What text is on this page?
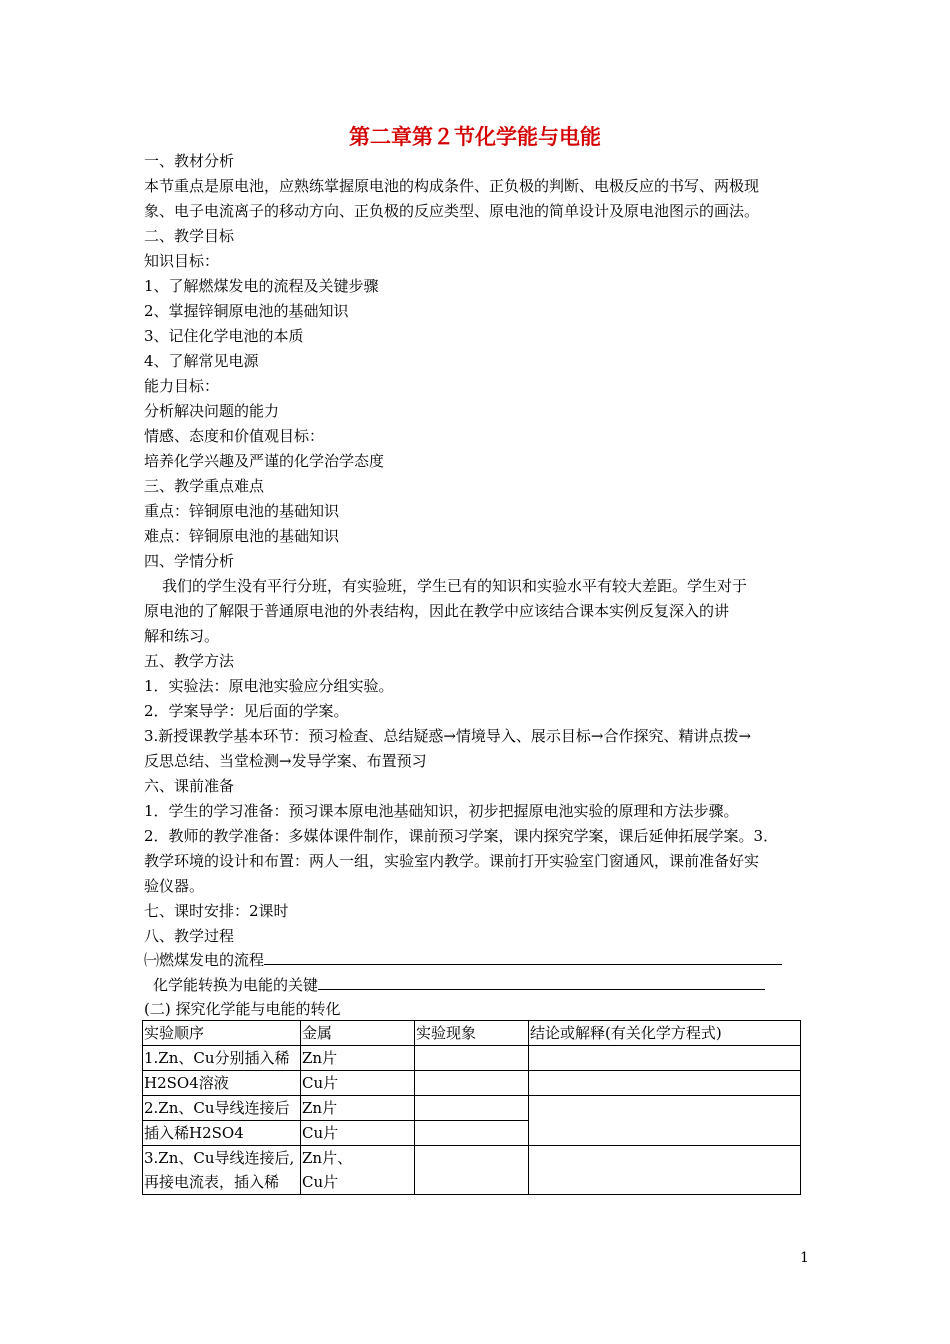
第二章第２节化学能与电能
一、教材分析
本节重点是原电池，应熟练掌握原电池的构成条件、正负极的判断、电极反应的书写、两极现
象、电子电流离子的移动方向、正负极的反应类型、原电池的简单设计及原电池图示的画法。
二、教学目标
知识目标：
1、了解燃煤发电的流程及关键步骤
2、掌握锌铜原电池的基础知识
3、记住化学电池的本质
4、了解常见电源
能力目标：
分析解决问题的能力
情感、态度和价值观目标：
培养化学兴趣及严谨的化学治学态度
三、教学重点难点
重点：锌铜原电池的基础知识
难点：锌铜原电池的基础知识
四、学情分析
我们的学生没有平行分班，有实验班，学生已有的知识和实验水平有较大差距。学生对于
原电池的了解限于普通原电池的外表结构，因此在教学中应该结合课本实例反复深入的讲
解和练习。
五、教学方法
1．实验法：原电池实验应分组实验。
2．学案导学：见后面的学案。
3.新授课教学基本环节：预习检查、总结疑惑→情境导入、展示目标→合作探究、精讲点拨→
反思总结、当堂检测→发导学案、布置预习
六、课前准备
1．学生的学习准备：预习课本原电池基础知识，初步把握原电池实验的原理和方法步骤。
2．教师的教学准备：多媒体课件制作，课前预习学案，课内探究学案，课后延伸拓展学案。3．
教学环境的设计和布置：两人一组，实验室内教学。课前打开实验室门窗通风，课前准备好实
验仪器。
七、课时安排：2课时
八、教学过程
㈠燃煤发电的流程
化学能转换为电能的关键
(二) 探究化学能与电能的转化
实验顺序	金属	实验现象	结论或解释(有关化学方程式)
1.Zn、Cu分别插入稀	Zn片		
H2SO4溶液	Cu片		
2.Zn、Cu导线连接后	Zn片		
插入稀H2SO4	Cu片		
3.Zn、Cu导线连接后,	Zn片、		
再接电流表，插入稀	Cu片		
1
